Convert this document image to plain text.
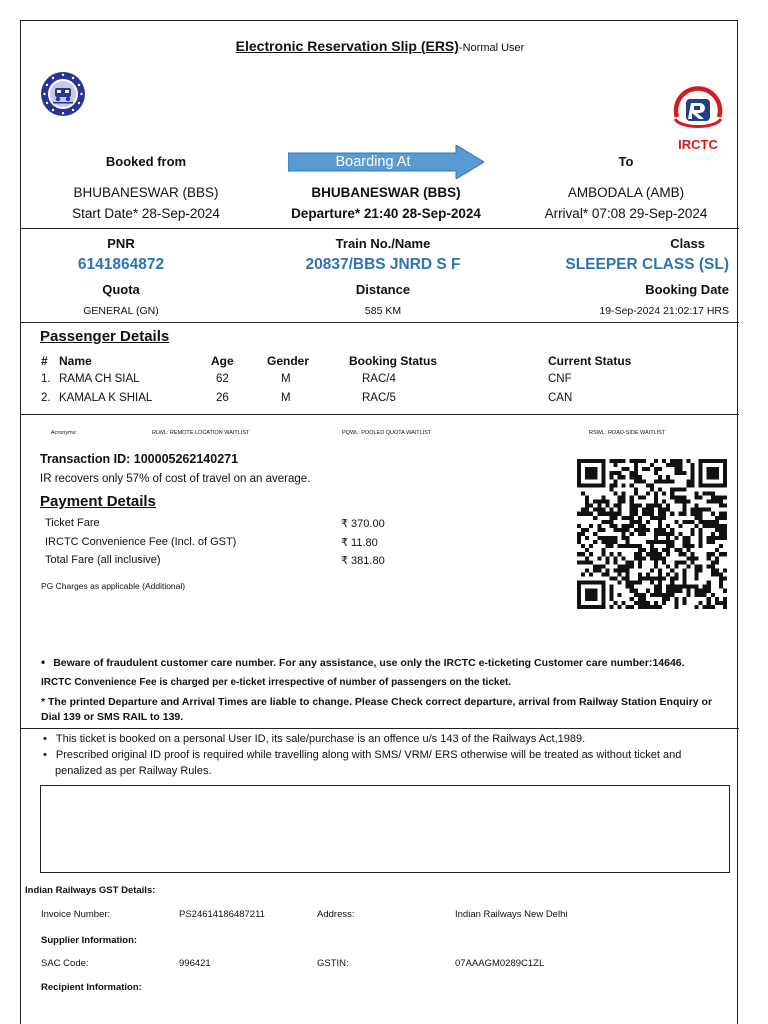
Electronic Reservation Slip (ERS)-Normal User
IRCTC
Booked from	Boarding At	To
BHUBANESWAR (BBS)	BHUBANESWAR (BBS)	AMBODALA (AMB)
Start Date* 28-Sep-2024	Departure* 21:40 28-Sep-2024	Arrival* 07:08 29-Sep-2024
PNR	Train No./Name	Class
6141864872	20837/BBS JNRD S F	SLEEPER CLASS (SL)
Quota	Distance	Booking Date
GENERAL (GN)	585 KM	19-Sep-2024 21:02:17 HRS
Passenger Details
# Name	Age	Gender	Booking Status	Current Status
1. RAMA CH SIAL	62	M	RAC/4	CNF
2. KAMALA K SHIAL	26	M	RAC/5	CAN
Acronyms:	RLWL: REMOTE LOCATION WAITLIST	PQWL: POOLED QUOTA WAITLIST	RSWL: ROAD-SIDE WAITLIST
Transaction ID: 100005262140271
IR recovers only 57% of cost of travel on an average.
Payment Details
Ticket Fare	₹ 370.00
IRCTC Convenience Fee (Incl. of GST)	₹ 11.80
Total Fare (all inclusive)	₹ 381.80
PG Charges as applicable (Additional)
• Beware of fraudulent customer care number. For any assistance, use only the IRCTC e-ticketing Customer care number:14646.
IRCTC Convenience Fee is charged per e-ticket irrespective of number of passengers on the ticket.
* The printed Departure and Arrival Times are liable to change. Please Check correct departure, arrival from Railway Station Enquiry or
Dial 139 or SMS RAIL to 139.
• This ticket is booked on a personal User ID, its sale/purchase is an offence u/s 143 of the Railways Act,1989.
• Prescribed original ID proof is required while travelling along with SMS/ VRM/ ERS otherwise will be treated as without ticket and
penalized as per Railway Rules.
Indian Railways GST Details:
Invoice Number:	PS24614186487211	Address:	Indian Railways New Delhi
Supplier Information:
SAC Code:	996421	GSTIN:	07AAAGM0289C1ZL
Recipient Information:
